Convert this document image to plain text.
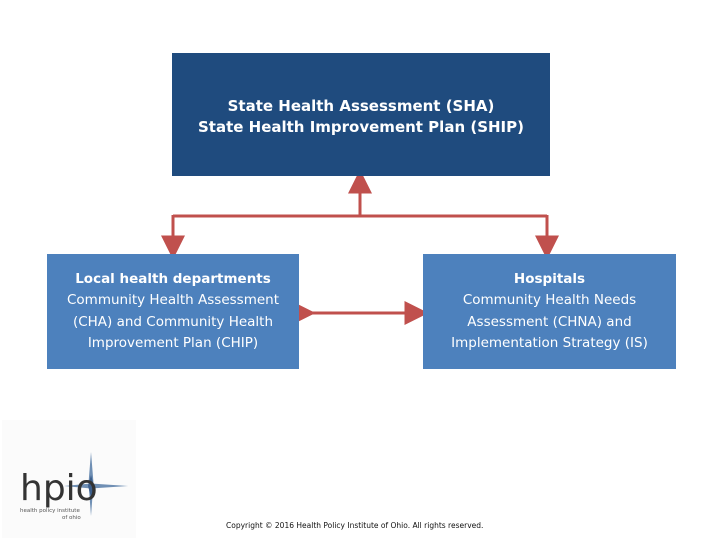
State Health Assessment (SHA)
State Health Improvement Plan (SHIP)
Local health departments
Community Health Assessment
(CHA) and Community Health
Improvement Plan (CHIP)
Hospitals
Community Health Needs
Assessment (CHNA) and
Implementation Strategy (IS)
hpio
health policy institute
of ohio
Copyright © 2016 Health Policy Institute of Ohio. All rights reserved.
